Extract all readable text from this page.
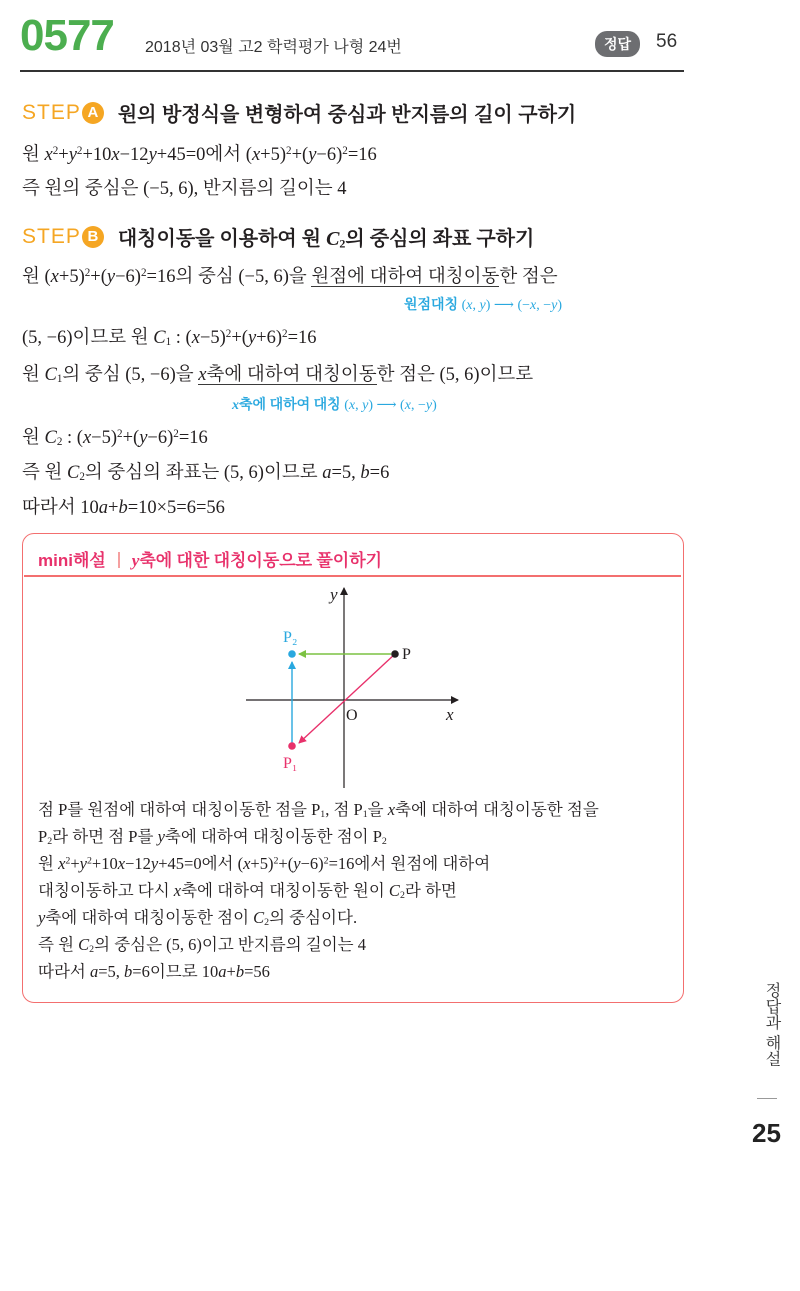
0577 2018년 03월 고2 학력평가 나형 24번	정답	56
STEP A 원의 방정식을 변형하여 중심과 반지름의 길이 구하기
원 $x^2+y^2+10x-12y+45=0$에서 $(x+5)^2+(y-6)^2=16$
즉 원의 중심은 (−5, 6), 반지름의 길이는 4
STEP B 대칭이동을 이용하여 원 $C_2$의 중심의 좌표 구하기
원 $(x+5)^2+(y-6)^2=16$의 중심 (−5, 6)을 원점에 대하여 대칭이동한 점은
원점대칭 (x, y) ⟶ (−x, −y)
(5, −6)이므로 원 $C_1$ : $(x-5)^2+(y+6)^2=16$
원 $C_1$의 중심 (5, −6)을 x축에 대하여 대칭이동한 점은 (5, 6)이므로
x축에 대하여 대칭 (x, y) ⟶ (x, −y)
원 $C_2$ : $(x-5)^2+(y-6)^2=16$
즉 원 $C_2$의 중심의 좌표는 (5, 6)이므로 a=5, b=6
따라서 10a+b=10×5=6=56
mini해설 y축에 대한 대칭이동으로 풀이하기
y
x
O
P
P₁
P₂
점 P를 원점에 대하여 대칭이동한 점을 $P_1$, 점 $P_1$을 x축에 대하여 대칭이동한 점을
$P_2$라 하면 점 P를 y축에 대하여 대칭이동한 점이 $P_2$
원 $x^2+y^2+10x-12y+45=0$에서 $(x+5)^2+(y-6)^2=16$에서 원점에 대하여
대칭이동하고 다시 x축에 대하여 대칭이동한 원이 $C_2$라 하면
y축에 대하여 대칭이동한 점이 $C_2$의 중심이다.
즉 원 $C_2$의 중심은 (5, 6)이고 반지름의 길이는 4
따라서 a=5, b=6이므로 10a+b=56
정답과 해설
25
